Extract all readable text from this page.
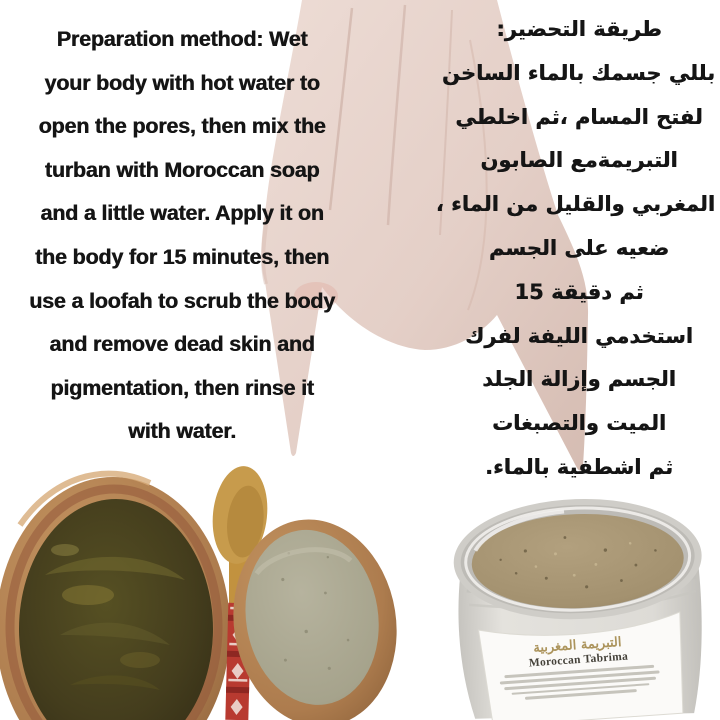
Preparation method: Wet
your body with hot water to
open the pores, then mix the
turban with Moroccan soap
and a little water. Apply it on
the body for 15 minutes, then
use a loofah to scrub the body
and remove dead skin and
pigmentation, then rinse it
with water.
طريقة التحضير:
بللي جسمك بالماء الساخن
لفتح المسام ،ثم اخلطي
التبريمةمع الصابون
المغربي والقليل من الماء ،
ضعيه على الجسم
ثم دقيقة 15
استخدمي الليفة لفرك
الجسم وإزالة الجلد
الميت والتصبغات
ثم اشطفية بالماء.
التبريمة المغربية
Moroccan Tabrima
